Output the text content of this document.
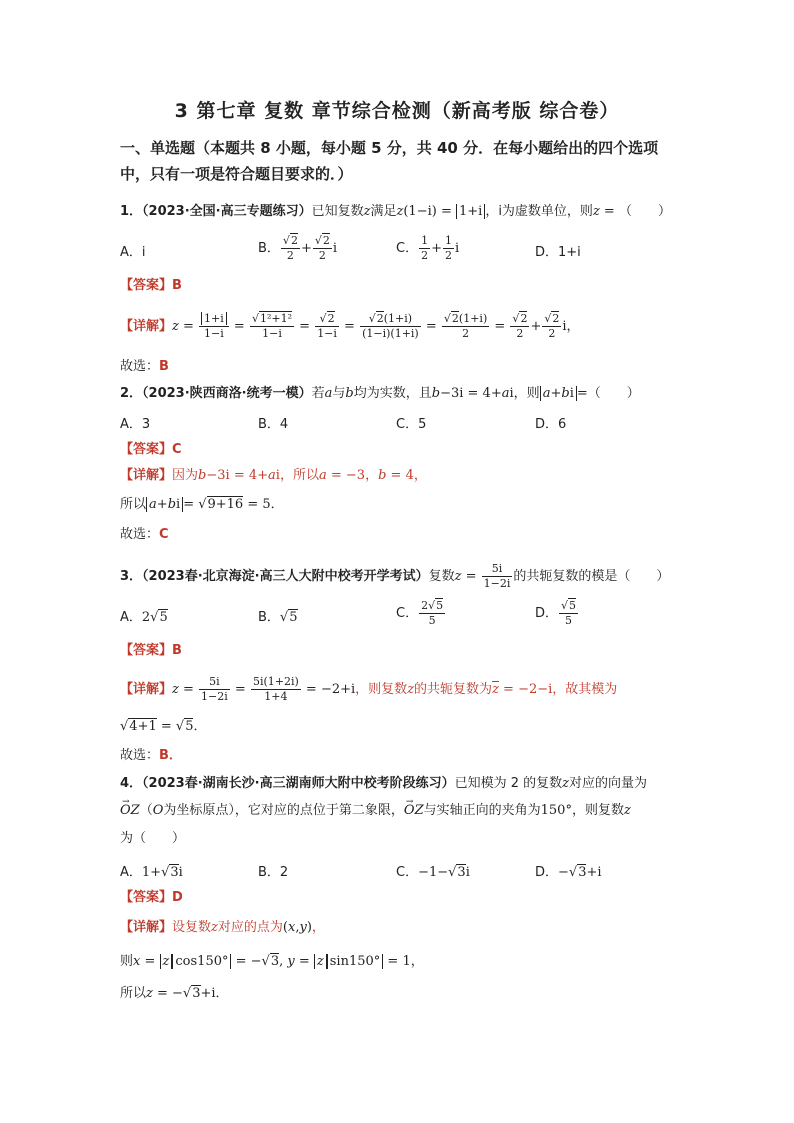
3 第七章 复数 章节综合检测（新高考版 综合卷）
一、单选题（本题共 8 小题，每小题 5 分，共 40 分．在每小题给出的四个选项中，只有一项是符合题目要求的．）
1．（2023·全国·高三专题练习）已知复数z满足z(1−i) = 1+i ，i为虚数单位，则z = （　　）
A．i	B． $\frac{√2}{2} + \frac{√2}{2}$ i	C． $\frac{1}{2} + \frac{1}{2}$ i	D．1+i
【答案】B
【详解】$z = \frac{1+i}{1-i} = \frac{\text{√1²+1²}}{1-i} = \frac{√2}{1-i} = \frac{√2(1+i)}{(1-i)(1+i)} = \frac{√2(1+i)}{2} = \frac{√2}{2} + \frac{√2}{2}$ i，
故选：B
2．（2023·陕西商洛·统考一模）若a与b均为实数，且b−3i = 4+ai，则 a+bi =（　　）
A．3	B．4	C．5	D．6
【答案】C
【详解】因为b−3i = 4+ai，所以a = −3，b = 4，
所以 a+bi = √9+16 = 5．
故选：C
3．（2023春·北京海淀·高三人大附中校考开学考试）复数$z = \frac{5i}{1-2i}$ 的共轭复数的模是（　　）
A．2√5	B．√5	C． $\frac{2√5}{5}$	D． $\frac{√5}{5}$
【答案】B
【详解】$z = \frac{5i}{1-2i} = \frac{5i(1+2i)}{1+4} = -2+i$，则复数z的共轭复数为$\overline{z} = -2-i$，故其模为
√4+1 = √5．
故选：B．
4．（2023春·湖南长沙·高三湖南师大附中校考阶段练习）已知模为 2 的复数z对应的向量为
→ OZ（O为坐标原点），它对应的点位于第二象限，→ OZ与实轴正向的夹角为150°，则复数z
为（　　）
A．1+√3i	B．2	C．−1−√3i	D．−√3+i
【答案】D
【详解】设复数z对应的点为(x,y)，
则x = z cos150° = −√3, y = z sin150° = 1，
所以z = −√3+i．
